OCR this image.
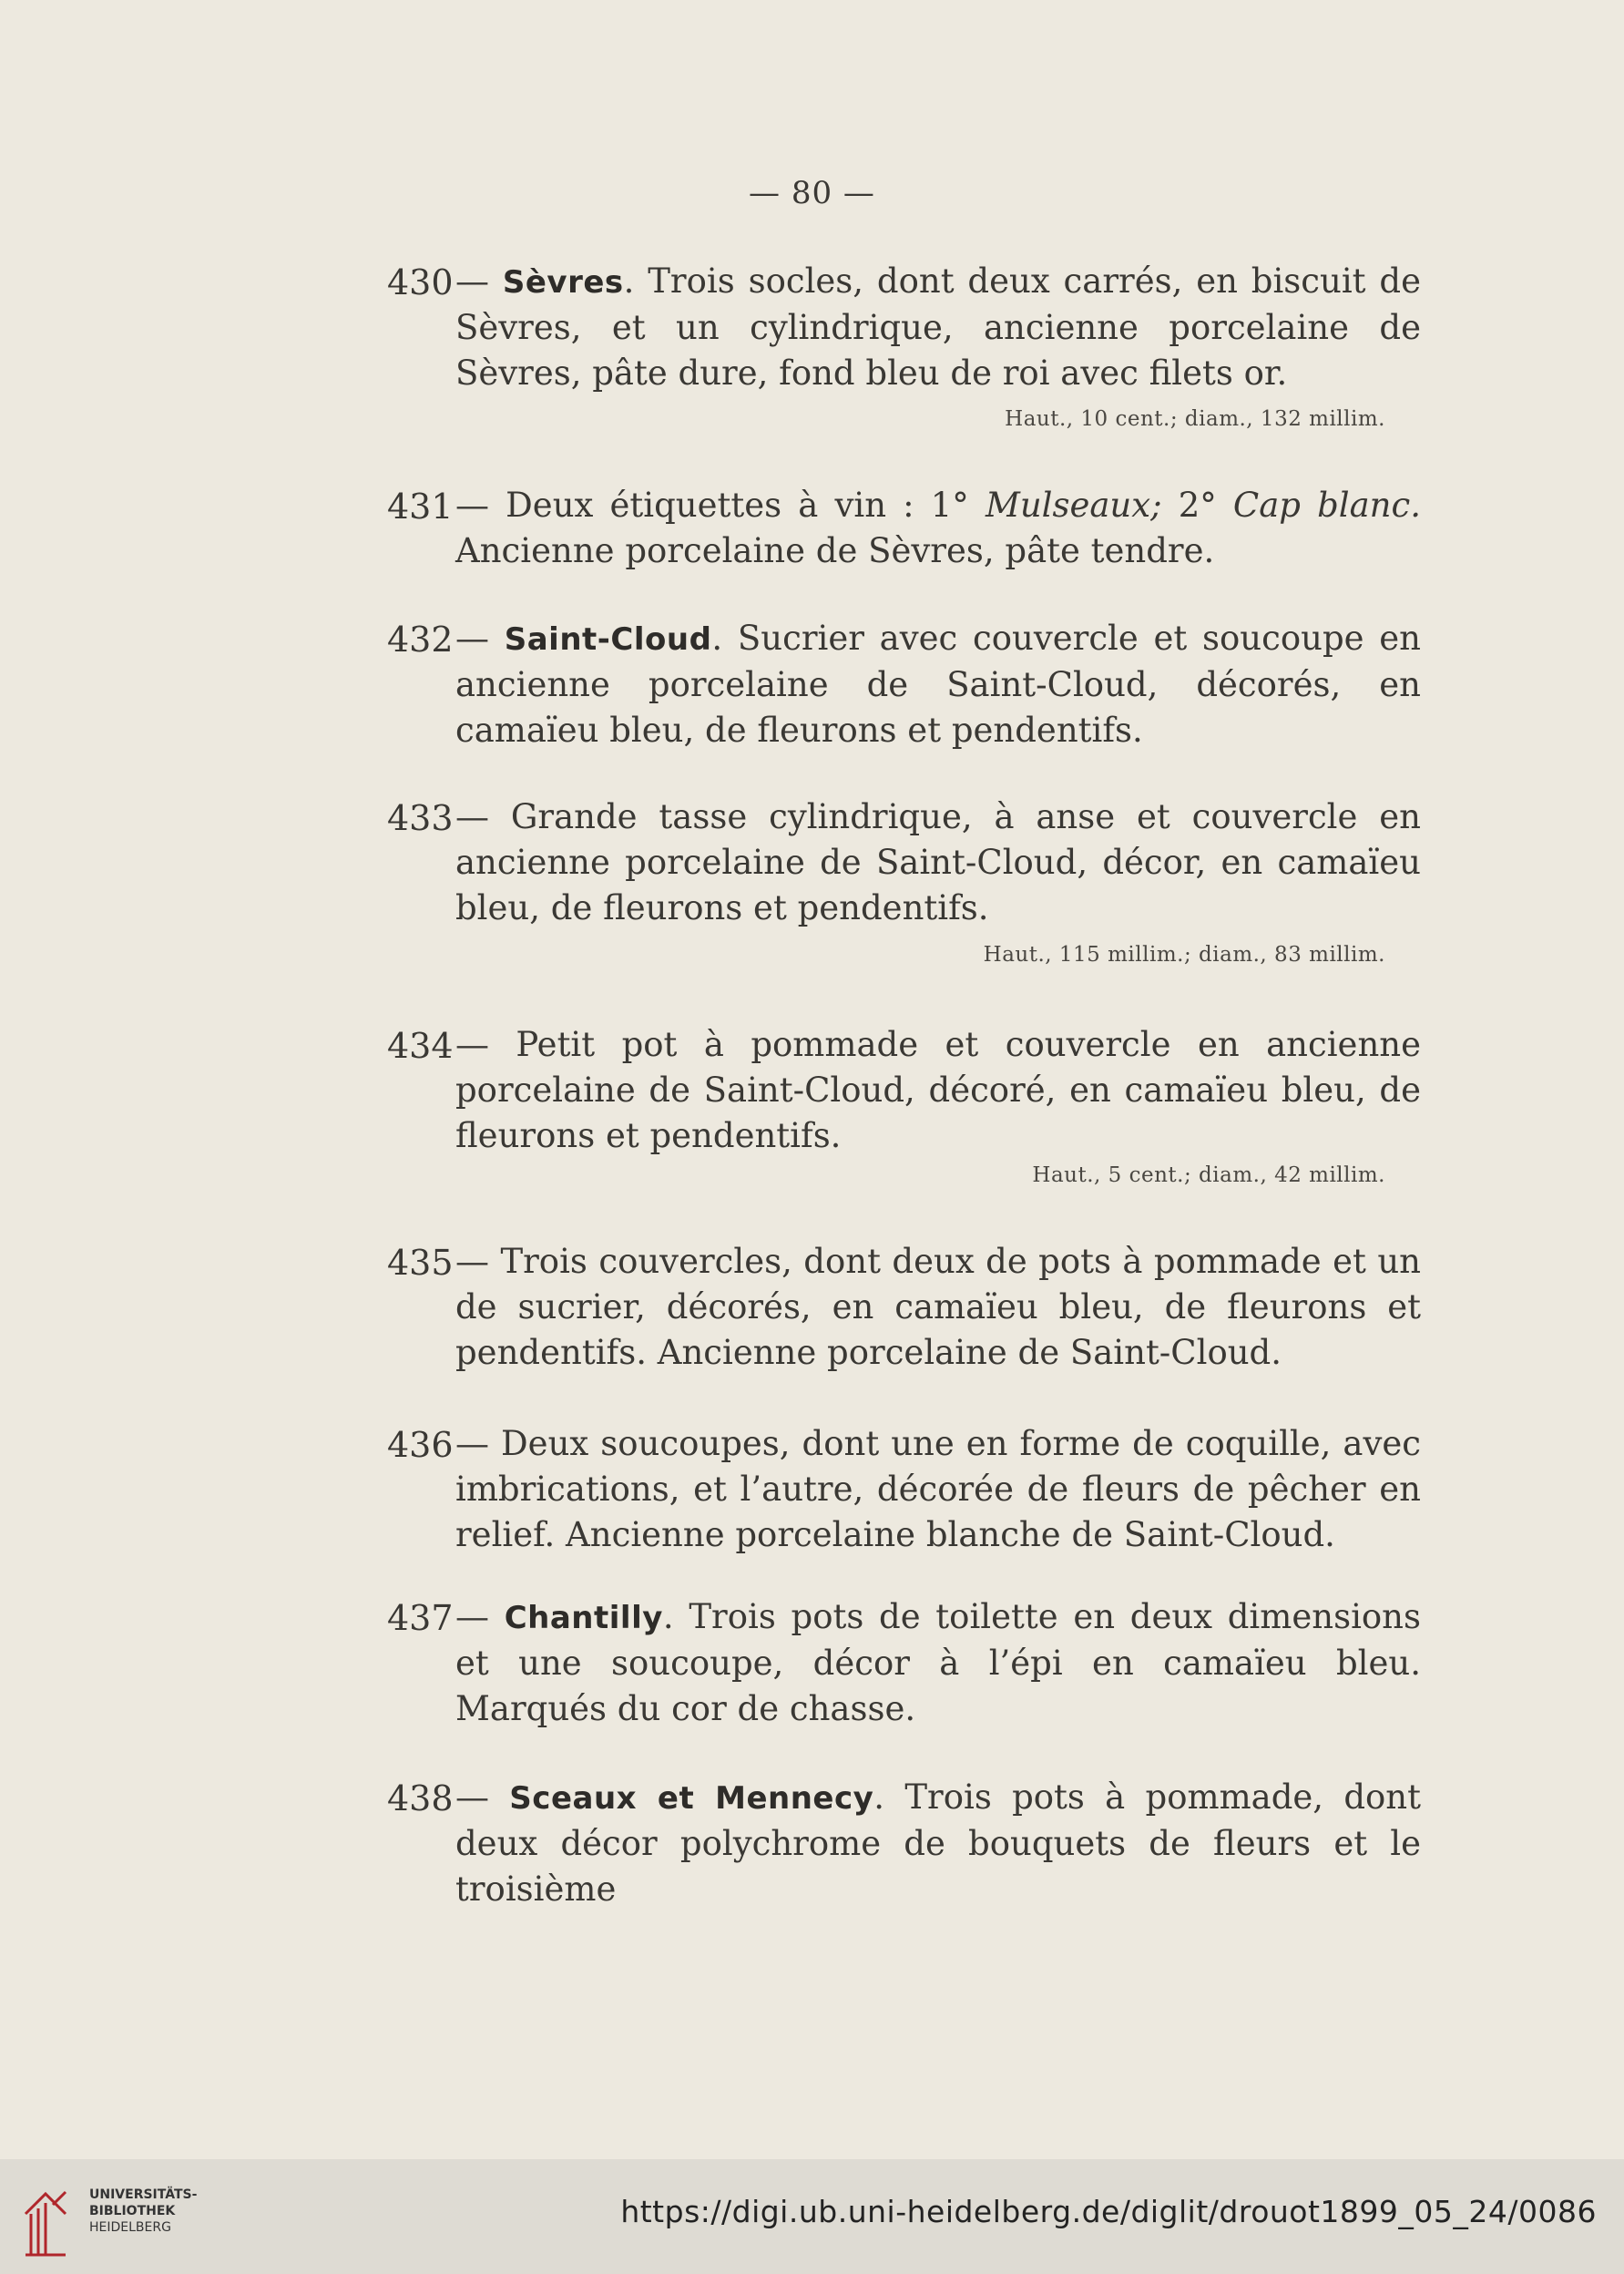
— 80 —
430 — Sèvres. Trois socles, dont deux carrés, en biscuit de Sèvres, et un cylindrique, ancienne porcelaine de Sèvres, pâte dure, fond bleu de roi avec filets or.
Haut., 10 cent.; diam., 132 millim.
431 — Deux étiquettes à vin : 1° Mulseaux; 2° Cap blanc. Ancienne porcelaine de Sèvres, pâte tendre.
432 — Saint-Cloud. Sucrier avec couvercle et soucoupe en ancienne porcelaine de Saint-Cloud, décorés, en camaïeu bleu, de fleurons et pendentifs.
433 — Grande tasse cylindrique, à anse et couvercle en ancienne porcelaine de Saint-Cloud, décor, en camaïeu bleu, de fleurons et pendentifs.
Haut., 115 millim.; diam., 83 millim.
434 — Petit pot à pommade et couvercle en ancienne porcelaine de Saint-Cloud, décoré, en camaïeu bleu, de fleurons et pendentifs.
Haut., 5 cent.; diam., 42 millim.
435 — Trois couvercles, dont deux de pots à pommade et un de sucrier, décorés, en camaïeu bleu, de fleurons et pendentifs. Ancienne porcelaine de Saint-Cloud.
436 — Deux soucoupes, dont une en forme de coquille, avec imbrications, et l’autre, décorée de fleurs de pêcher en relief. Ancienne porcelaine blanche de Saint-Cloud.
437 — Chantilly. Trois pots de toilette en deux dimensions et une soucoupe, décor à l’épi en camaïeu bleu. Marqués du cor de chasse.
438 — Sceaux et Mennecy. Trois pots à pommade, dont deux décor polychrome de bouquets de fleurs et le troisième
UNIVERSITÄTS-
BIBLIOTHEK
HEIDELBERG	https://digi.ub.uni-heidelberg.de/diglit/drouot1899_05_24/0086
